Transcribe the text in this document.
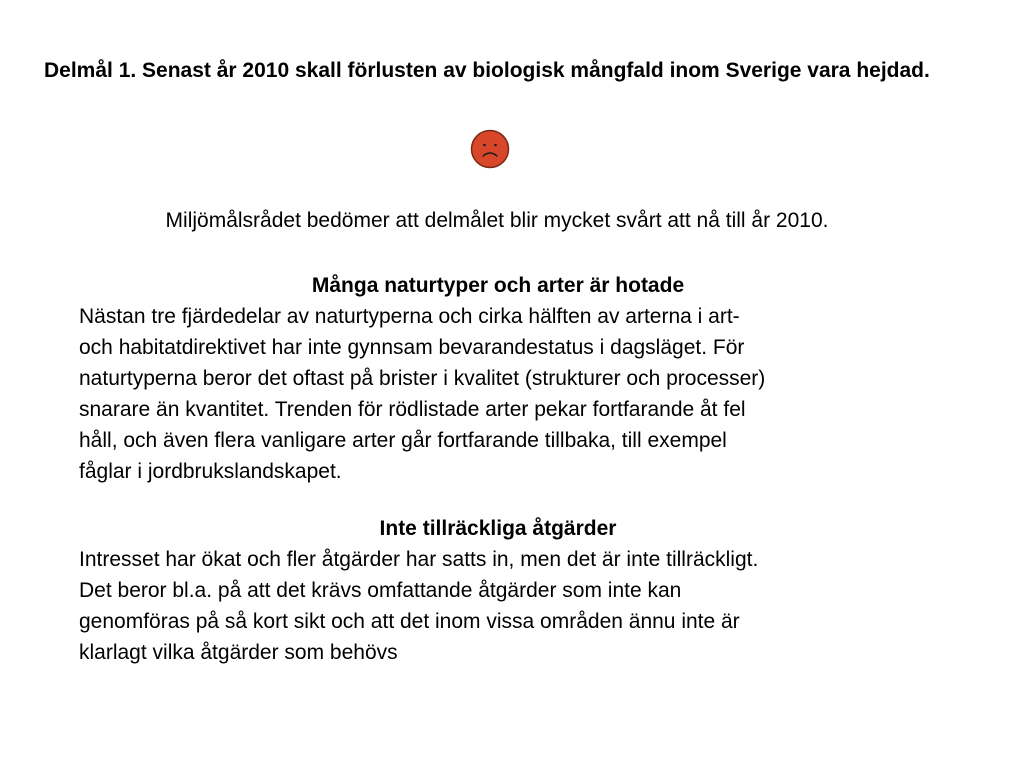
Delmål 1. Senast år 2010 skall förlusten av biologisk mångfald inom Sverige vara hejdad.

Miljömålsrådet bedömer att delmålet blir mycket svårt att nå till år 2010.

Många naturtyper och arter är hotade

Nästan tre fjärdedelar av naturtyperna och cirka hälften av arterna i art-
och habitatdirektivet har inte gynnsam bevarandestatus i dagsläget. För
naturtyperna beror det oftast på brister i kvalitet (strukturer och processer)
snarare än kvantitet. Trenden för rödlistade arter pekar fortfarande åt fel
håll, och även flera vanligare arter går fortfarande tillbaka, till exempel
fåglar i jordbrukslandskapet.

Inte tillräckliga åtgärder

Intresset har ökat och fler åtgärder har satts in, men det är inte tillräckligt.
Det beror bl.a. på att det krävs omfattande åtgärder som inte kan
genomföras på så kort sikt och att det inom vissa områden ännu inte är
klarlagt vilka åtgärder som behövs
